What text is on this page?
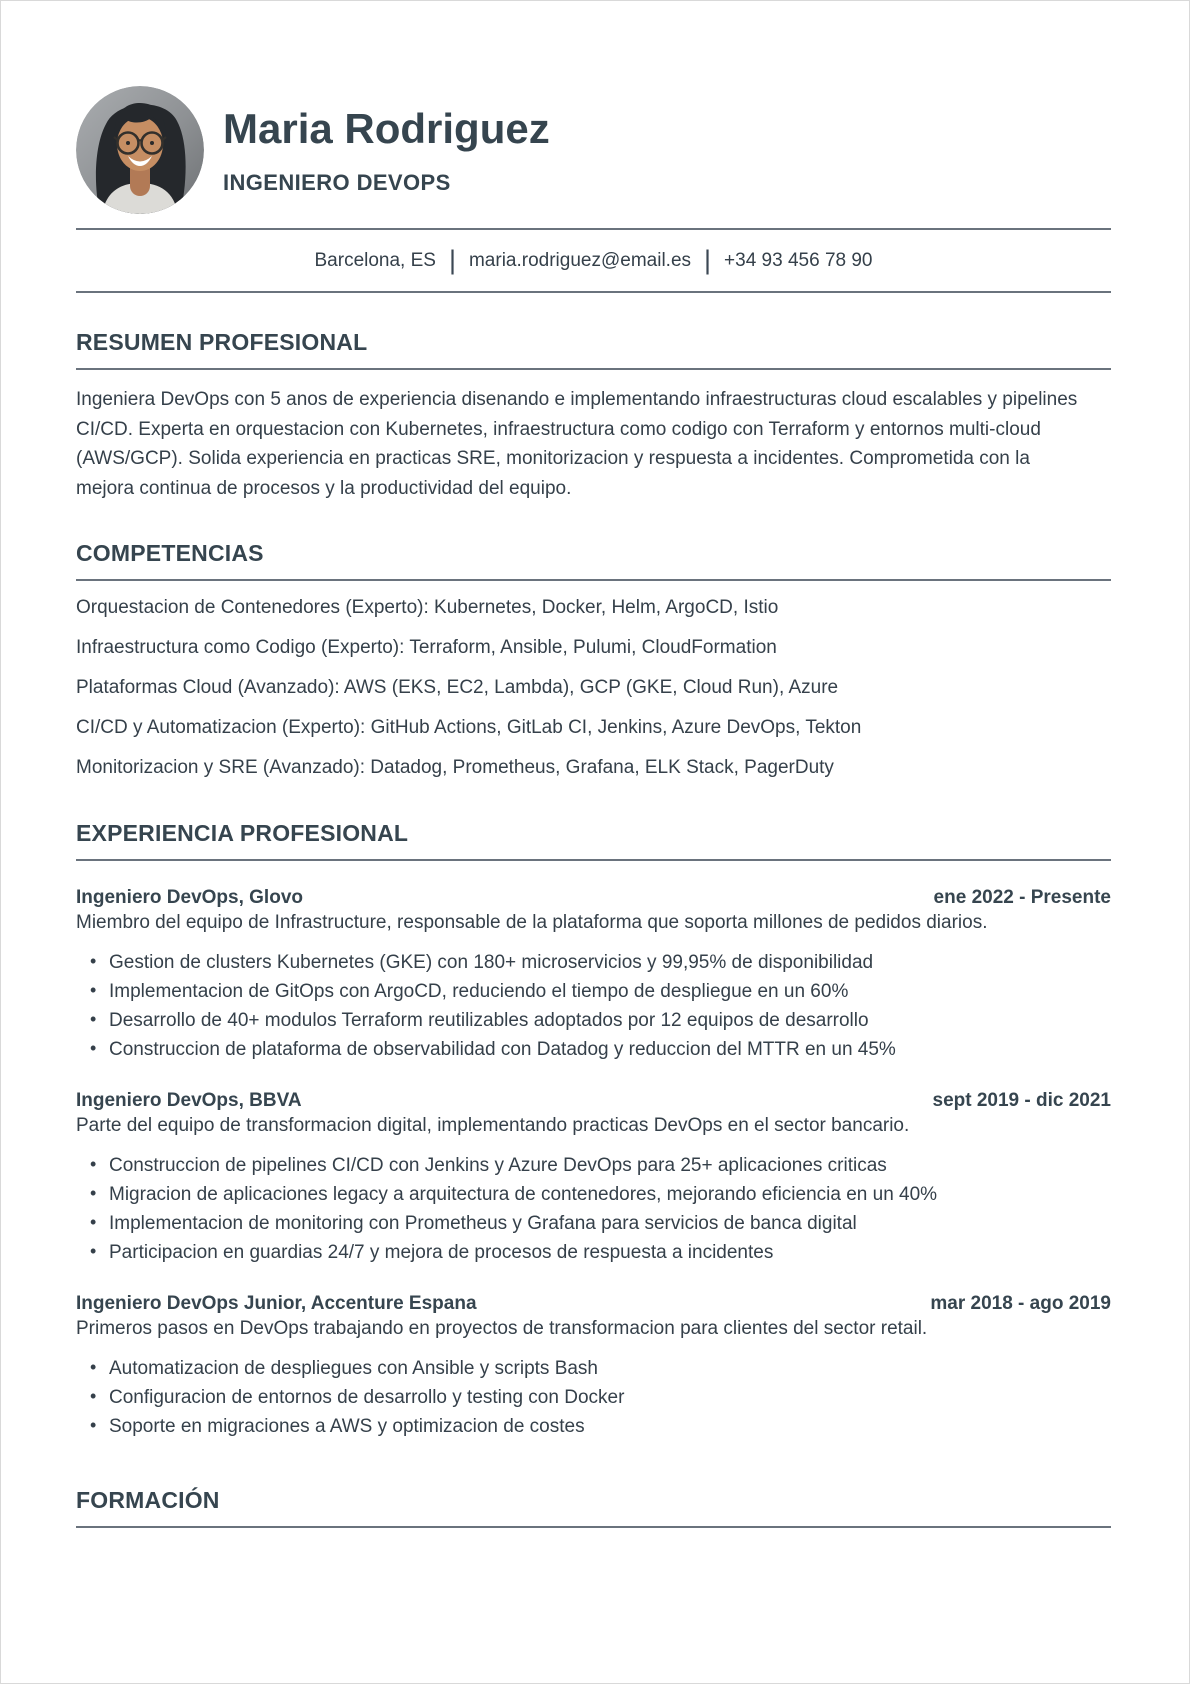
Maria Rodriguez
INGENIERO DEVOPS
Barcelona, ES | maria.rodriguez@email.es | +34 93 456 78 90
RESUMEN PROFESIONAL

Ingeniera DevOps con 5 anos de experiencia disenando e implementando infraestructuras cloud escalables y pipelines CI/CD. Experta en orquestacion con Kubernetes, infraestructura como codigo con Terraform y entornos multi-cloud (AWS/GCP). Solida experiencia en practicas SRE, monitorizacion y respuesta a incidentes. Comprometida con la mejora continua de procesos y la productividad del equipo.

COMPETENCIAS
Orquestacion de Contenedores (Experto): Kubernetes, Docker, Helm, ArgoCD, Istio
Infraestructura como Codigo (Experto): Terraform, Ansible, Pulumi, CloudFormation
Plataformas Cloud (Avanzado): AWS (EKS, EC2, Lambda), GCP (GKE, Cloud Run), Azure
CI/CD y Automatizacion (Experto): GitHub Actions, GitLab CI, Jenkins, Azure DevOps, Tekton
Monitorizacion y SRE (Avanzado): Datadog, Prometheus, Grafana, ELK Stack, PagerDuty
EXPERIENCIA PROFESIONAL
Ingeniero DevOps, Glovo	ene 2022 - Presente

Miembro del equipo de Infrastructure, responsable de la plataforma que soporta millones de pedidos diarios.

• Gestion de clusters Kubernetes (GKE) con 180+ microservicios y 99,95% de disponibilidad
• Implementacion de GitOps con ArgoCD, reduciendo el tiempo de despliegue en un 60%
• Desarrollo de 40+ modulos Terraform reutilizables adoptados por 12 equipos de desarrollo
• Construccion de plataforma de observabilidad con Datadog y reduccion del MTTR en un 45%
Ingeniero DevOps, BBVA	sept 2019 - dic 2021

Parte del equipo de transformacion digital, implementando practicas DevOps en el sector bancario.

• Construccion de pipelines CI/CD con Jenkins y Azure DevOps para 25+ aplicaciones criticas
• Migracion de aplicaciones legacy a arquitectura de contenedores, mejorando eficiencia en un 40%
• Implementacion de monitoring con Prometheus y Grafana para servicios de banca digital
• Participacion en guardias 24/7 y mejora de procesos de respuesta a incidentes
Ingeniero DevOps Junior, Accenture Espana	mar 2018 - ago 2019

Primeros pasos en DevOps trabajando en proyectos de transformacion para clientes del sector retail.

• Automatizacion de despliegues con Ansible y scripts Bash
• Configuracion de entornos de desarrollo y testing con Docker
• Soporte en migraciones a AWS y optimizacion de costes
FORMACIÓN
